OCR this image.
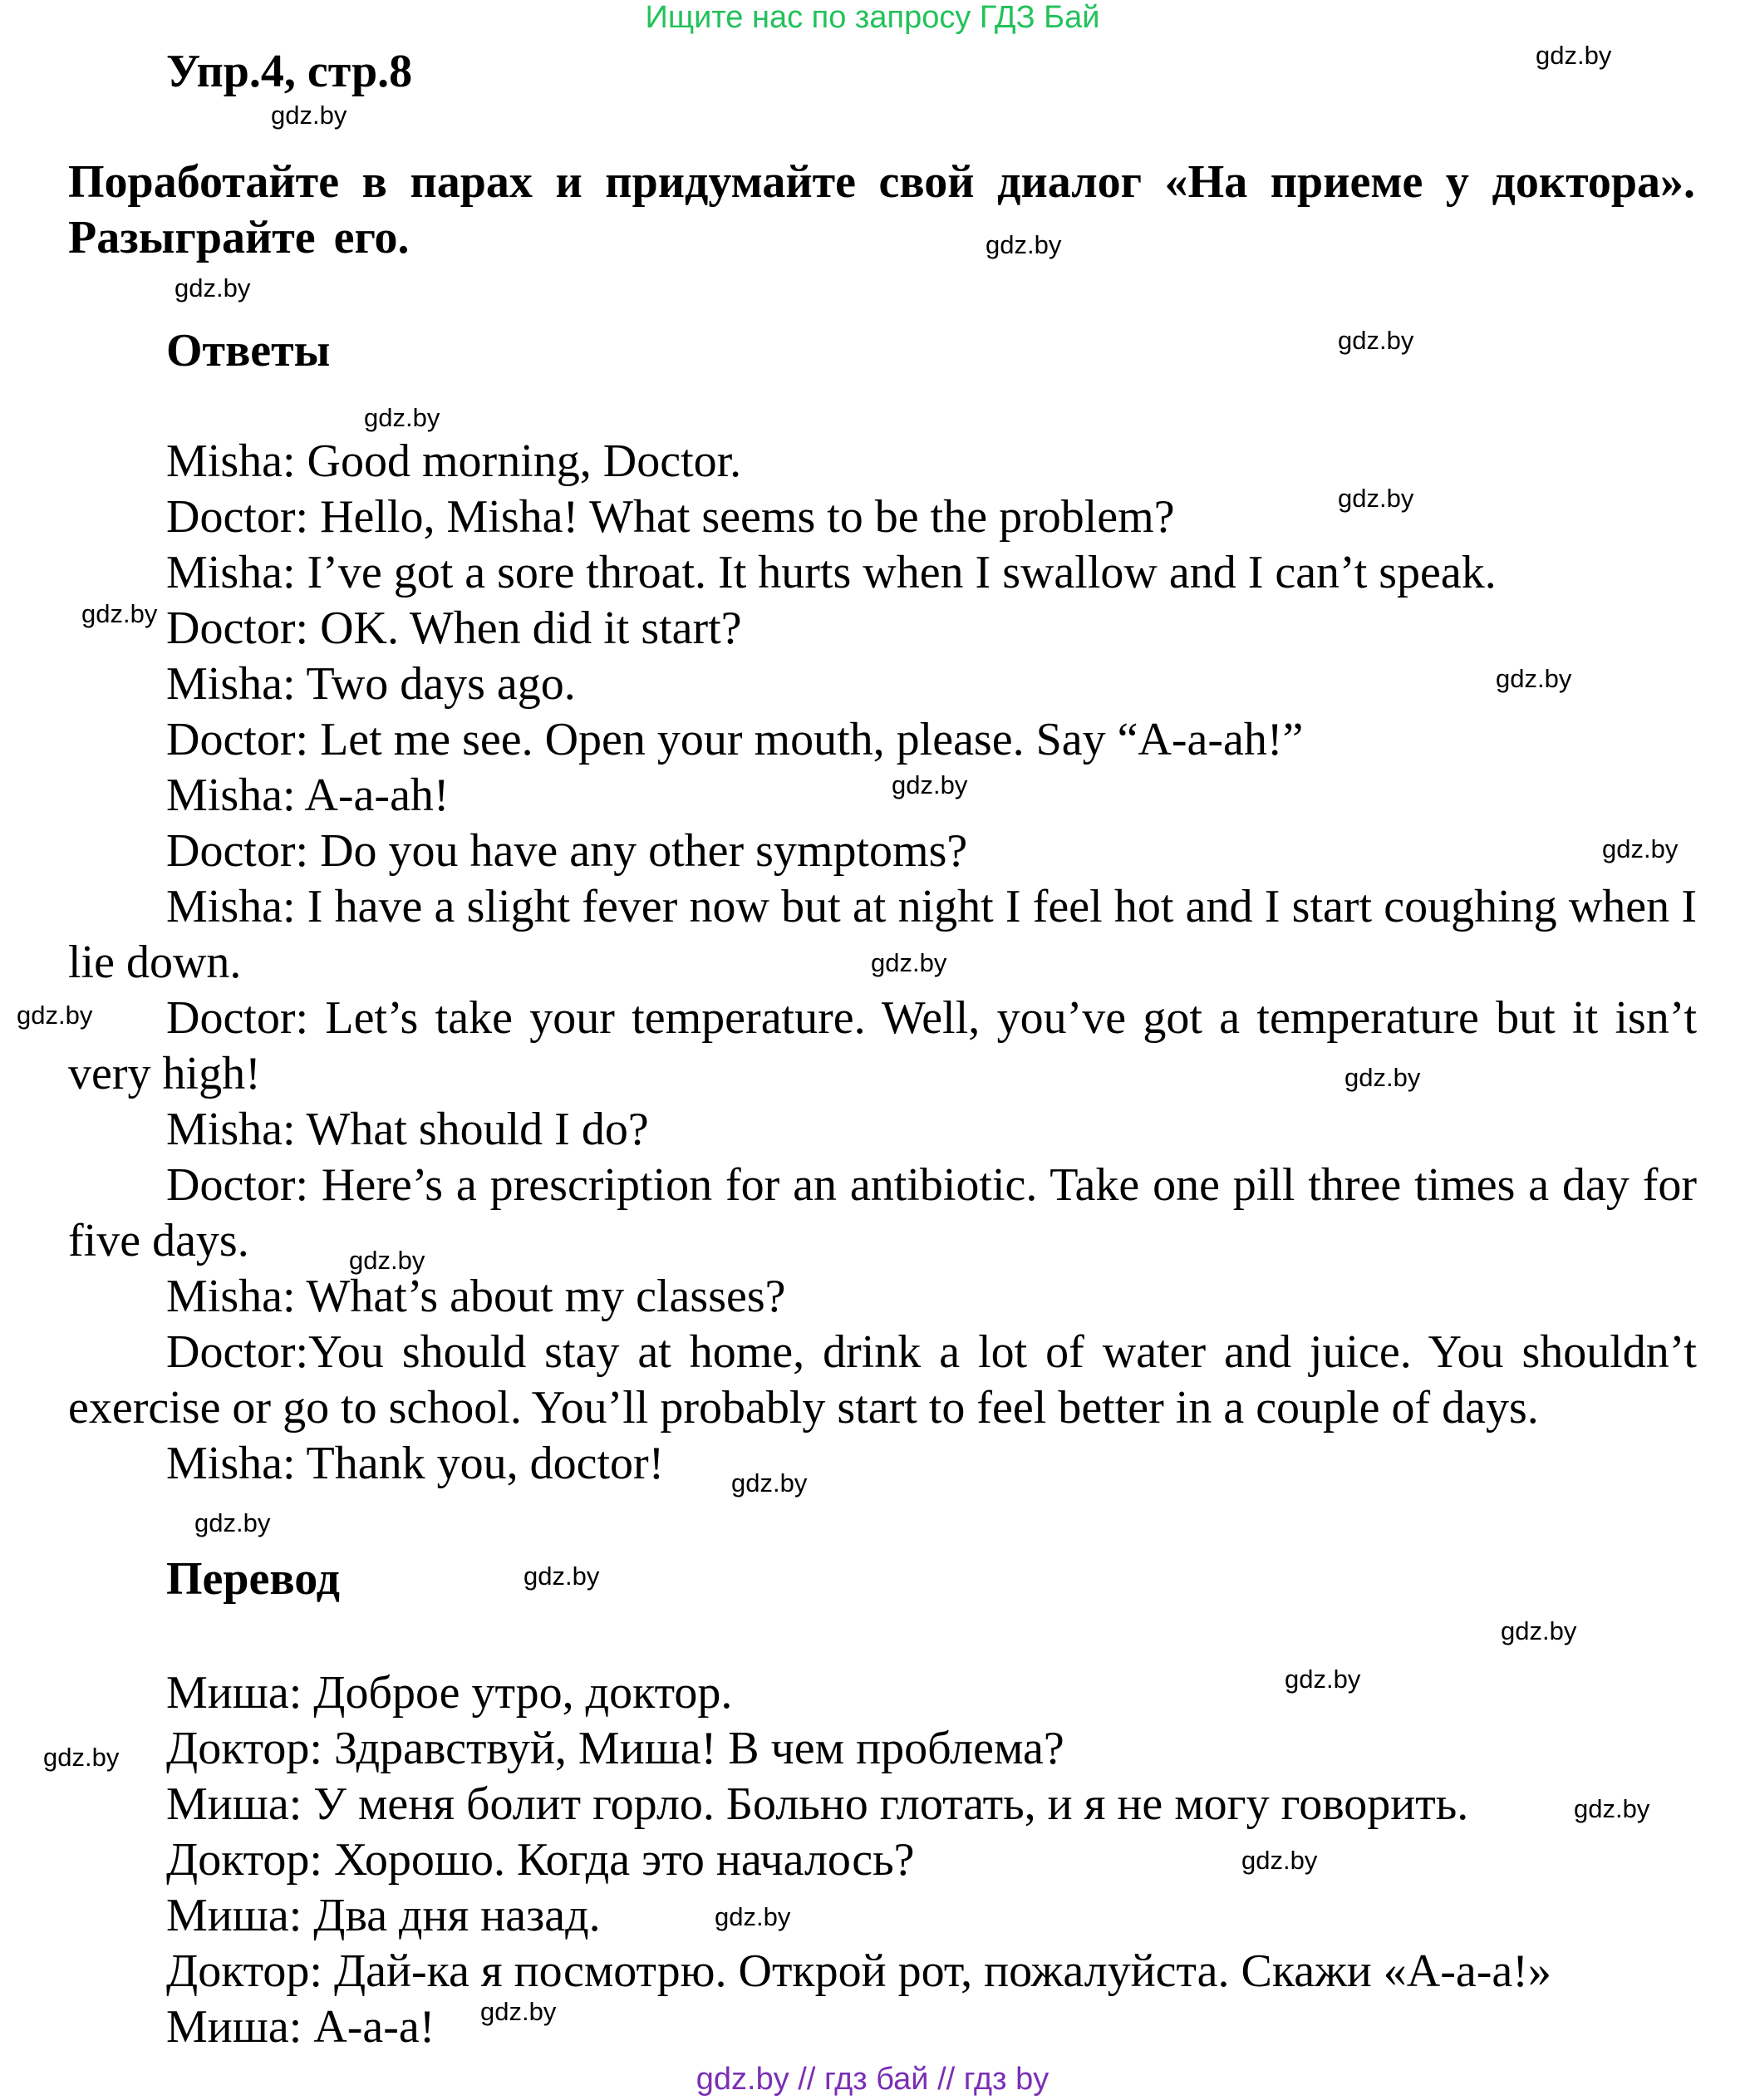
Ищите нас по запросу ГДЗ Бай
Упр.4, стр.8
Поработайте в парах и придумайте свой диалог «На приеме у доктора». Разыграйте его.
Ответы

Misha: Good morning, Doctor.

Doctor: Hello, Misha! What seems to be the problem?

Misha: I’ve got a sore throat. It hurts when I swallow and I can’t speak.

Doctor: OK. When did it start?

Misha: Two days ago.

Doctor: Let me see. Open your mouth, please. Say “A-a-ah!”

Misha: A-a-ah!

Doctor: Do you have any other symptoms?

Misha: I have a slight fever now but at night I feel hot and I start coughing when I lie down.

Doctor: Let’s take your temperature. Well, you’ve got a temperature but it isn’t very high!

Misha: What should I do?

Doctor: Here’s a prescription for an antibiotic. Take one pill three times a day for five days.

Misha: What’s about my classes?

Doctor:You should stay at home, drink a lot of water and juice. You shouldn’t exercise or go to school. You’ll probably start to feel better in a couple of days.

Misha: Thank you, doctor!

Перевод

Миша: Доброе утро, доктор.

Доктор: Здравствуй, Миша! В чем проблема?

Миша: У меня болит горло. Больно глотать, и я не могу говорить.

Доктор: Хорошо. Когда это началось?

Миша: Два дня назад.

Доктор: Дай-ка я посмотрю. Открой рот, пожалуйста. Скажи «А-а-а!»

Миша: А-а-а!

gdz.by
gdz.by
gdz.by
gdz.by
gdz.by
gdz.by
gdz.by
gdz.by
gdz.by
gdz.by
gdz.by
gdz.by
gdz.by
gdz.by
gdz.by
gdz.by
gdz.by
gdz.by
gdz.by
gdz.by
gdz.by
gdz.by
gdz.by
gdz.by
gdz.by
gdz.by // гдз бай // гдз by
